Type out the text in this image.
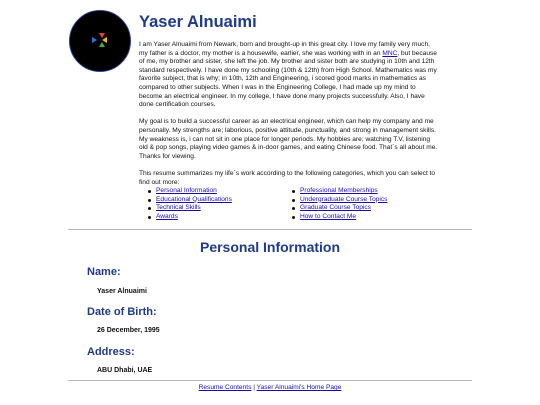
Yaser Alnuaimi

I am Yaser Alnuaimi from Newark, born and brought-up in this great city. I love my family very much, my father is a doctor, my mother is a housewife, earlier, she was working with in an MNC, but because of me, my brother and sister, she left the job. My brother and sister both are studying in 10th and 12th standard respectively. I have done my schooling (10th & 12th) from High School. Mathematics was my favorite subject, that is why; in 10th, 12th and Engineering, i scored good marks in mathematics as compared to other subjects. When I was in the Engineering College, I had made up my mind to become an electrical engineer. In my college, I have done many projects successfully. Also, I have done certification courses.

My goal is to build a successful career as an electrical engineer, which can help my company and me personally. My strengths are; laborious, positive attitude, punctuality, and strong in management skills. My weakness is, i can not sit in one place for longer periods. My hobbies are; watching T.V, listening old & pop songs, playing video games & in-door games, and eating Chinese food. That`s all about me. Thanks for viewing.

This resume summarizes my life`s work according to the following categories, which you can select to find out more:

Personal Information
Educational Qualifications
Technical Skills
Awards
Professional Memberships
Undergraduate Course Topics
Graduate Course Topics
How to Contact Me
Personal Information
Name:
Yaser Alnuaimi
Date of Birth:
26 December, 1995
Address:
ABU Dhabi, UAE
Resume Contents | Yaser Alnuaimi's Home Page
